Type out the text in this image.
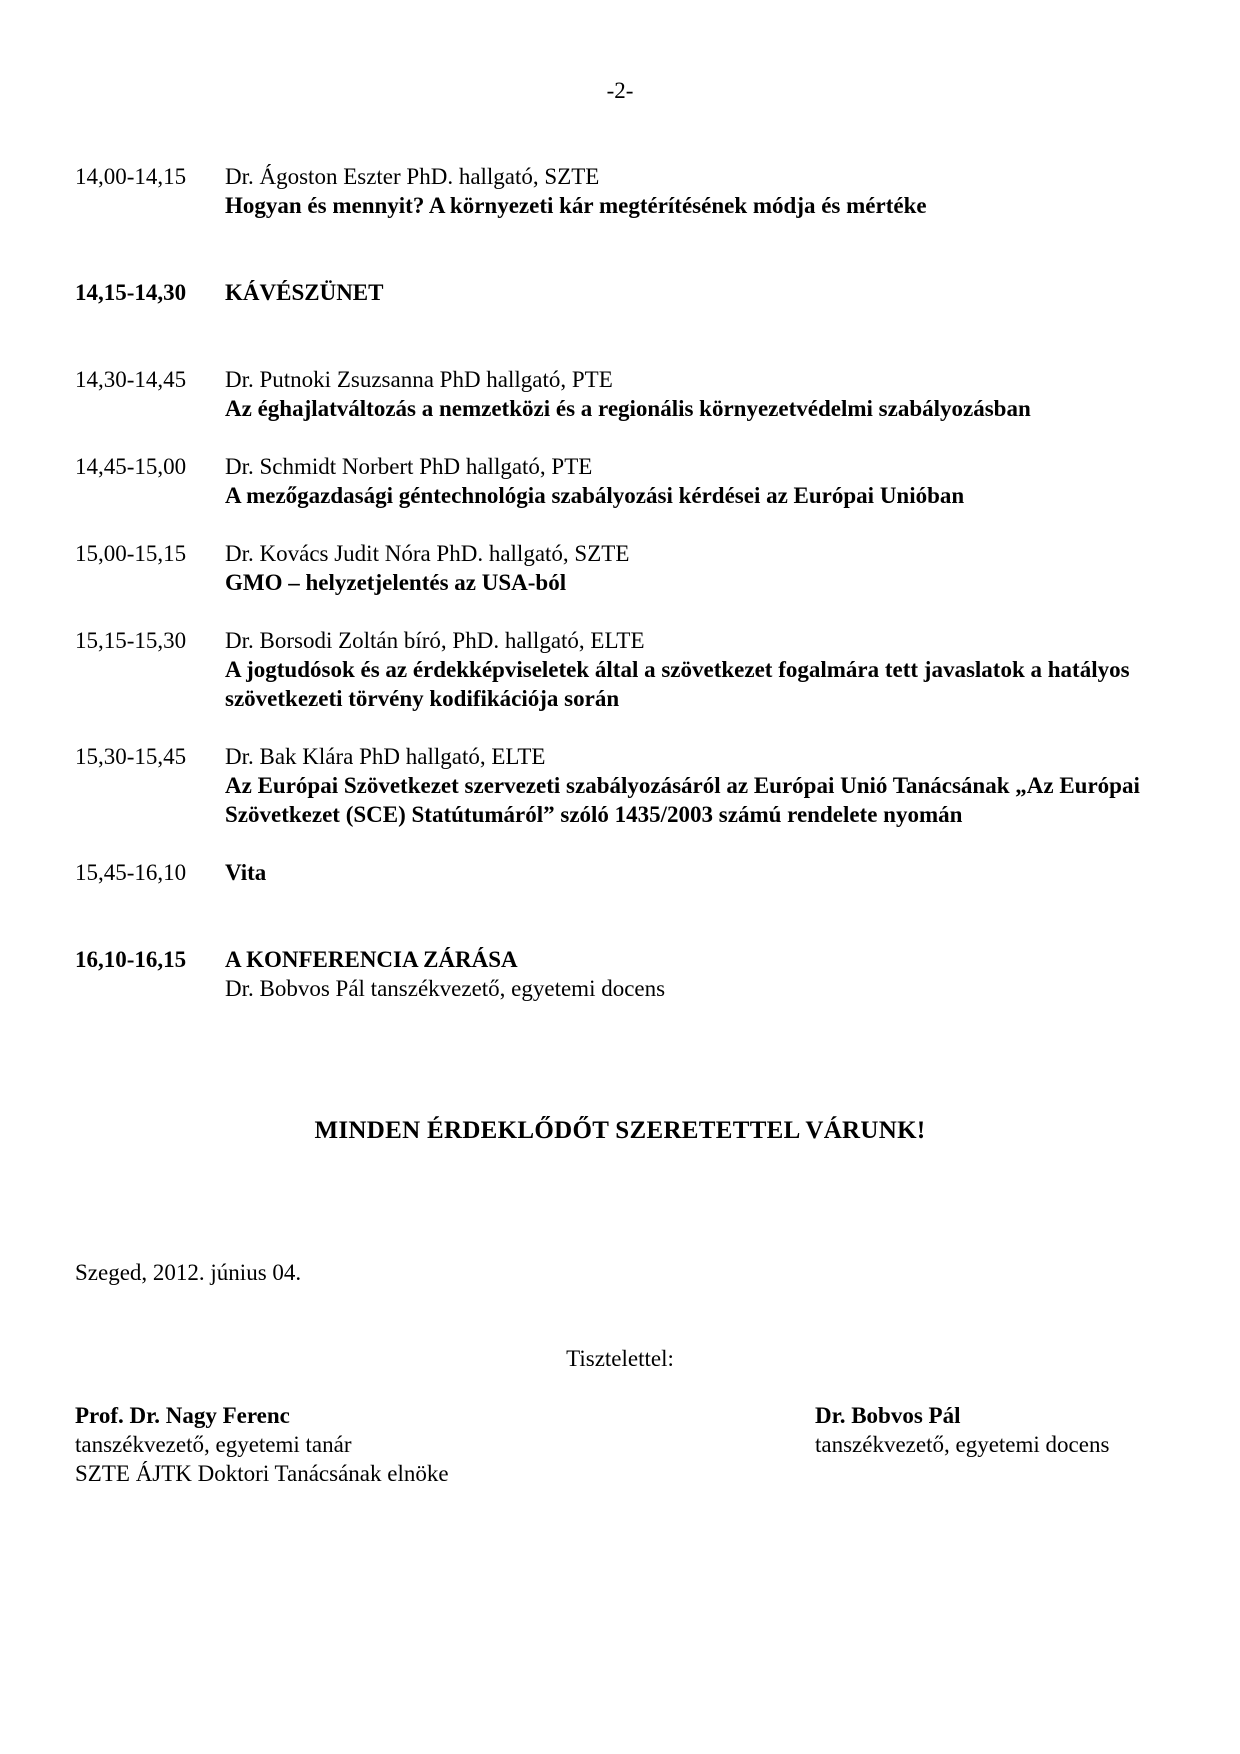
-2-
14,00-14,15	Dr. Ágoston Eszter PhD. hallgató, SZTE
Hogyan és mennyit? A környezeti kár megtérítésének módja és mértéke
14,15-14,30	KÁVÉSZÜNET
14,30-14,45	Dr. Putnoki Zsuzsanna PhD hallgató, PTE
Az éghajlatváltozás a nemzetközi és a regionális környezetvédelmi szabályozásban
14,45-15,00	Dr. Schmidt Norbert PhD hallgató, PTE
A mezőgazdasági géntechnológia szabályozási kérdései az Európai Unióban
15,00-15,15	Dr. Kovács Judit Nóra PhD. hallgató, SZTE
GMO – helyzetjelentés az USA-ból
15,15-15,30	Dr. Borsodi Zoltán bíró, PhD. hallgató, ELTE
A jogtudósok és az érdekképviseletek által a szövetkezet fogalmára tett javaslatok a hatályos szövetkezeti törvény kodifikációja során
15,30-15,45	Dr. Bak Klára PhD hallgató, ELTE
Az Európai Szövetkezet szervezeti szabályozásáról az Európai Unió Tanácsának „Az Európai Szövetkezet (SCE) Statútumáról” szóló 1435/2003 számú rendelete nyomán
15,45-16,10	Vita
16,10-16,15	A KONFERENCIA ZÁRÁSA
Dr. Bobvos Pál tanszékvezető, egyetemi docens
MINDEN ÉRDEKLŐDŐT SZERETETTEL VÁRUNK!
Szeged, 2012. június 04.
Tisztelettel:
Prof. Dr. Nagy Ferenc
tanszékvezető, egyetemi tanár
SZTE ÁJTK Doktori Tanácsának elnöke
Dr. Bobvos Pál
tanszékvezető, egyetemi docens
